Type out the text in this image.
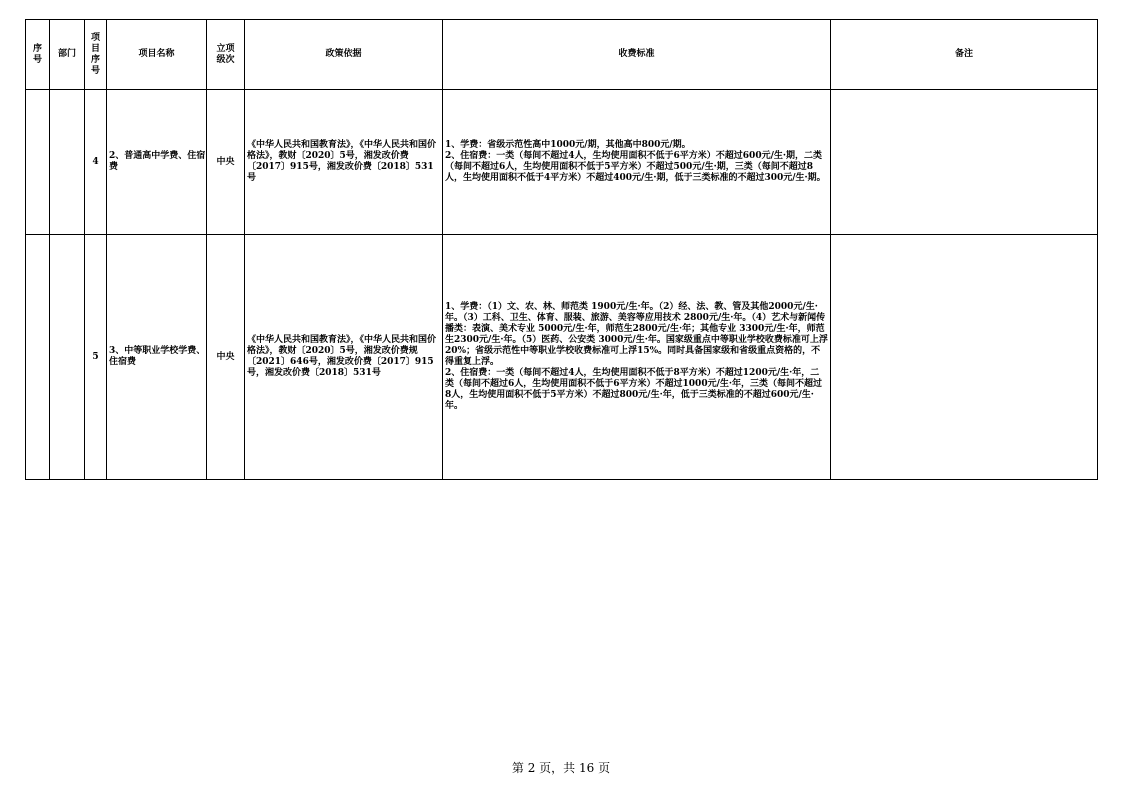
序号	部门	项目序号	项目名称	立项级次	政策依据	收费标准	备注
		4	2、普通高中学费、住宿费	中央	《中华人民共和国教育法》，《中华人民共和国价格法》，教财〔2020〕5号，湘发改价费〔2017〕915号，湘发改价费〔2018〕531号	1、学费：省级示范性高中1000元/期，其他高中800元/期。
2、住宿费：一类（每间不超过4人，生均使用面积不低于6平方米）不超过600元/生·期，二类（每间不超过6人，生均使用面积不低于5平方米）不超过500元/生·期，三类（每间不超过8人，生均使用面积不低于4平方米）不超过400元/生·期，低于三类标准的不超过300元/生·期。	

		5	3、中等职业学校学费、住宿费	中央	《中华人民共和国教育法》，《中华人民共和国价格法》，教财〔2020〕5号，湘发改价费规〔2021〕646号，湘发改价费〔2017〕915号，湘发改价费〔2018〕531号	1、学费：（1）文、农、林、师范类 1900元/生·年。（2）经、法、教、管及其他2000元/生·年。（3）工科、卫生、体育、服装、旅游、美容等应用技术 2800元/生·年。（4）艺术与新闻传播类：表演、美术专业 5000元/生·年，师范生2800元/生·年；其他专业 3300元/生·年，师范生2300元/生·年。（5）医药、公安类 3000元/生·年。国家级重点中等职业学校收费标准可上浮20%；省级示范性中等职业学校收费标准可上浮15%。同时具备国家级和省级重点资格的，不得重复上浮。
2、住宿费：一类（每间不超过4人，生均使用面积不低于8平方米）不超过1200元/生·年，二类（每间不超过6人，生均使用面积不低于6平方米）不超过1000元/生·年，三类（每间不超过8人，生均使用面积不低于5平方米）不超过800元/生·年，低于三类标准的不超过600元/生·年。	

第 2 页，共 16 页
